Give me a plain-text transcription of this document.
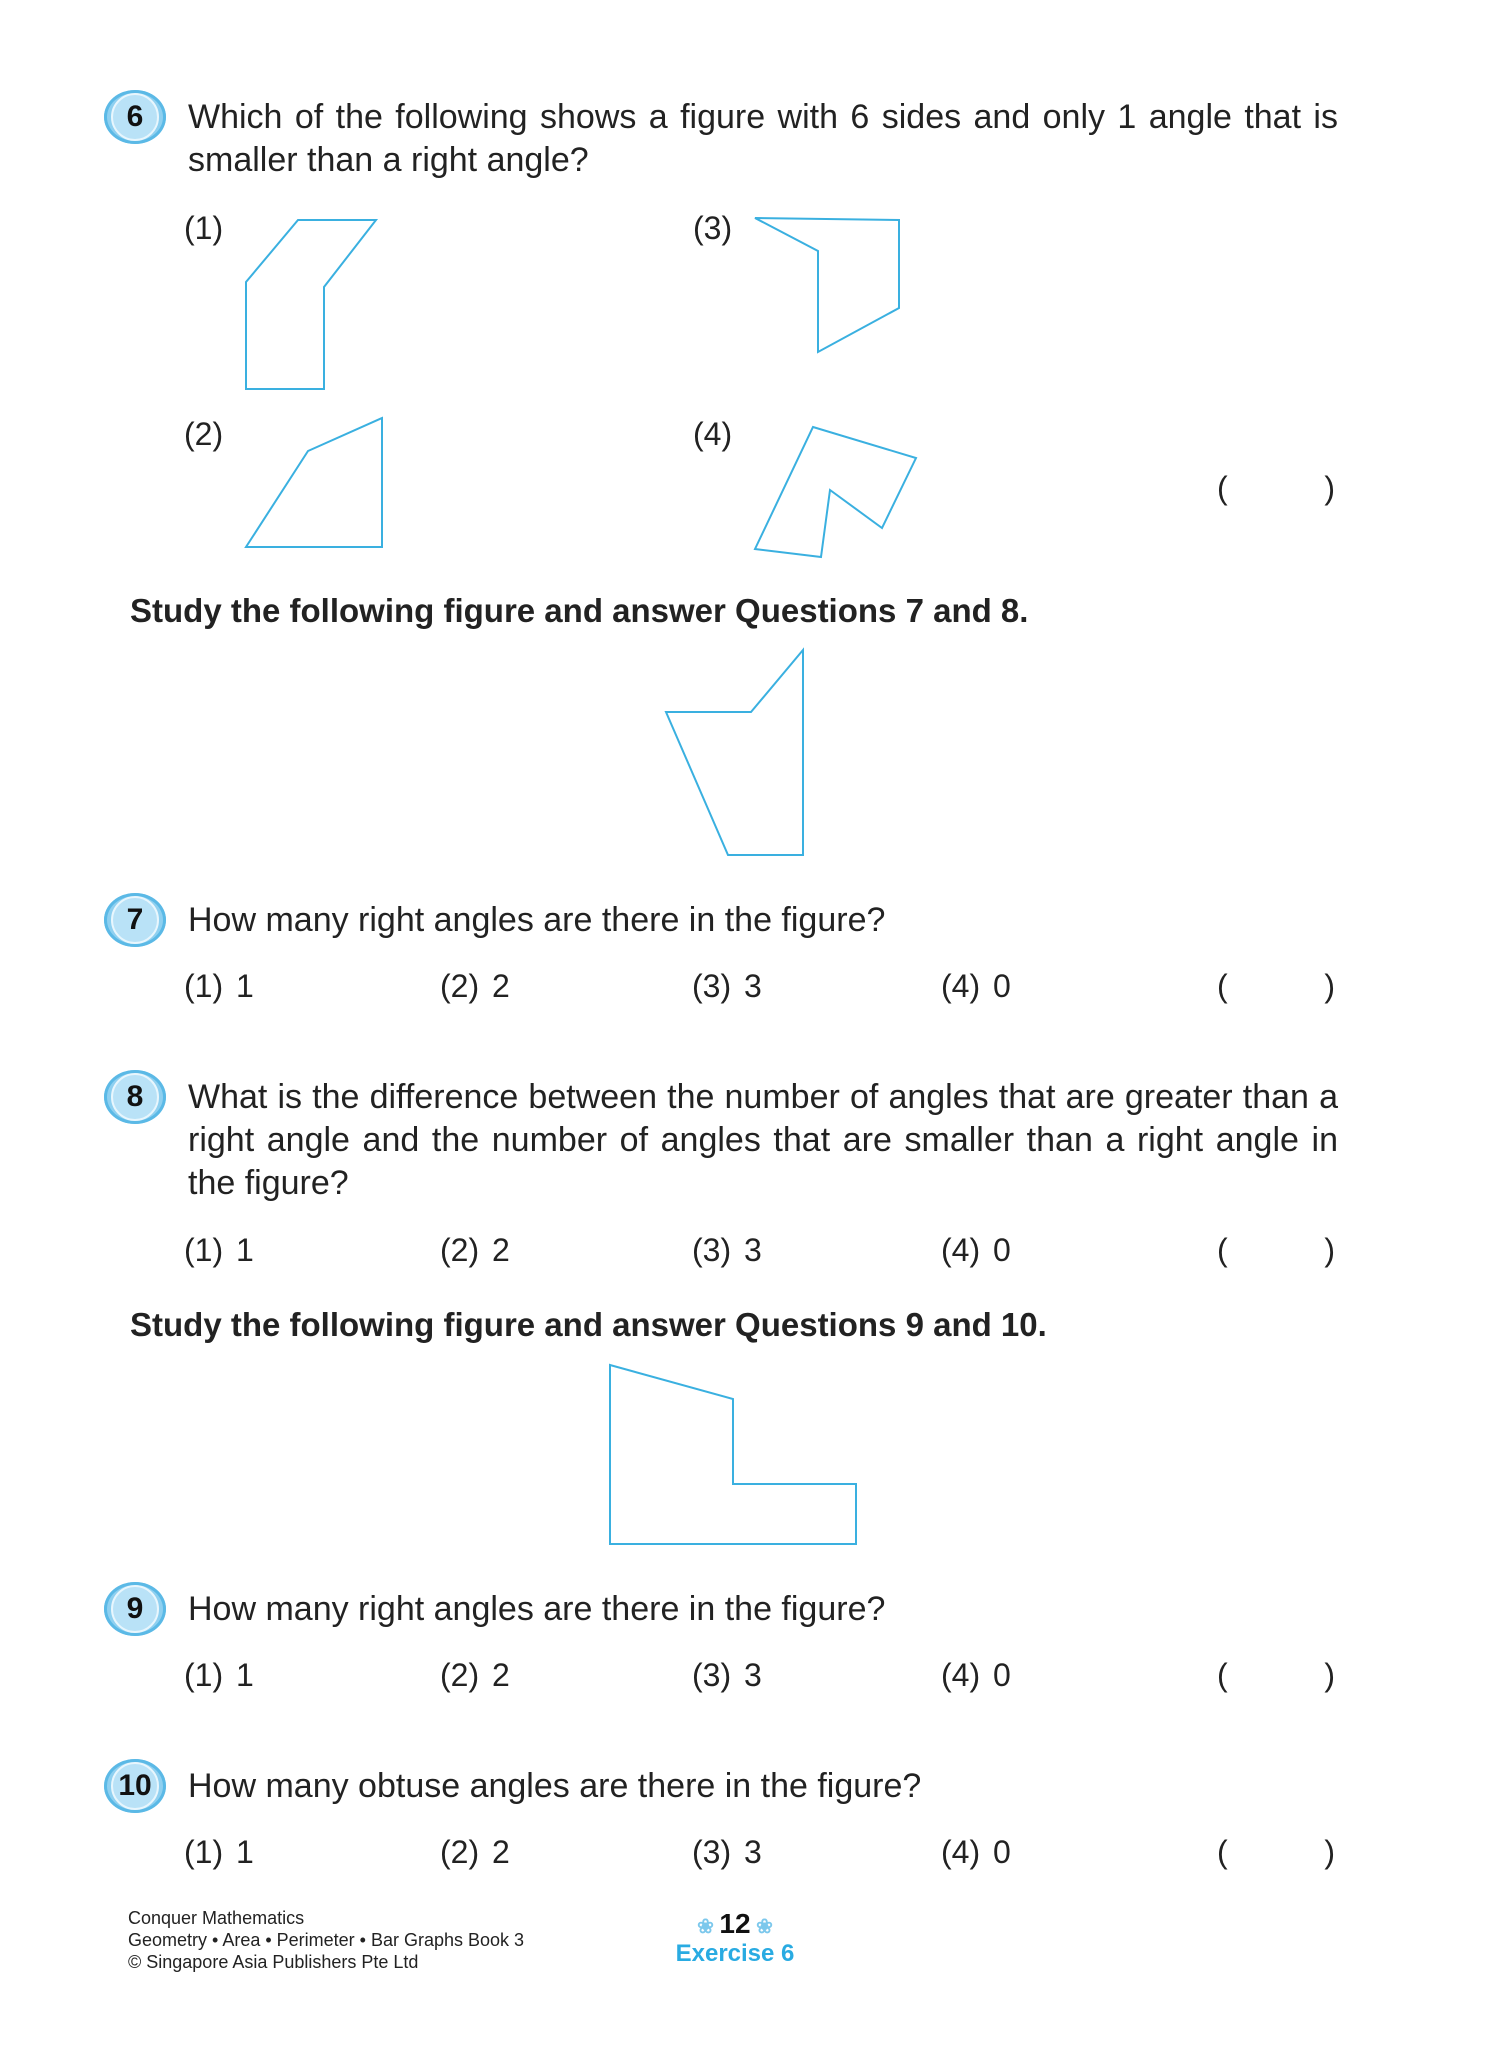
6	Which of the following shows a figure with 6 sides and only 1 angle that is smaller than a right angle?
(1)
(2)
(3)
(4)
(	)
Study the following figure and answer Questions 7 and 8.
7	How many right angles are there in the figure?
(1) 1	(2) 2	(3) 3	(4) 0	(	)
8	What is the difference between the number of angles that are greater than a right angle and the number of angles that are smaller than a right angle in the figure?
(1) 1	(2) 2	(3) 3	(4) 0	(	)
9	How many right angles are there in the figure?
(1) 1	(2) 2	(3) 3	(4) 0	(	)
10 How many obtuse angles are there in the figure?
(1) 1	(2) 2	(3) 3	(4) 0	(	)
Study the following figure and answer Questions 9 and 10.
Conquer Mathematics
Geometry • Area • Perimeter • Bar Graphs Book 3
© Singapore Asia Publishers Pte Ltd
❀ 12 ❀
Exercise 6
